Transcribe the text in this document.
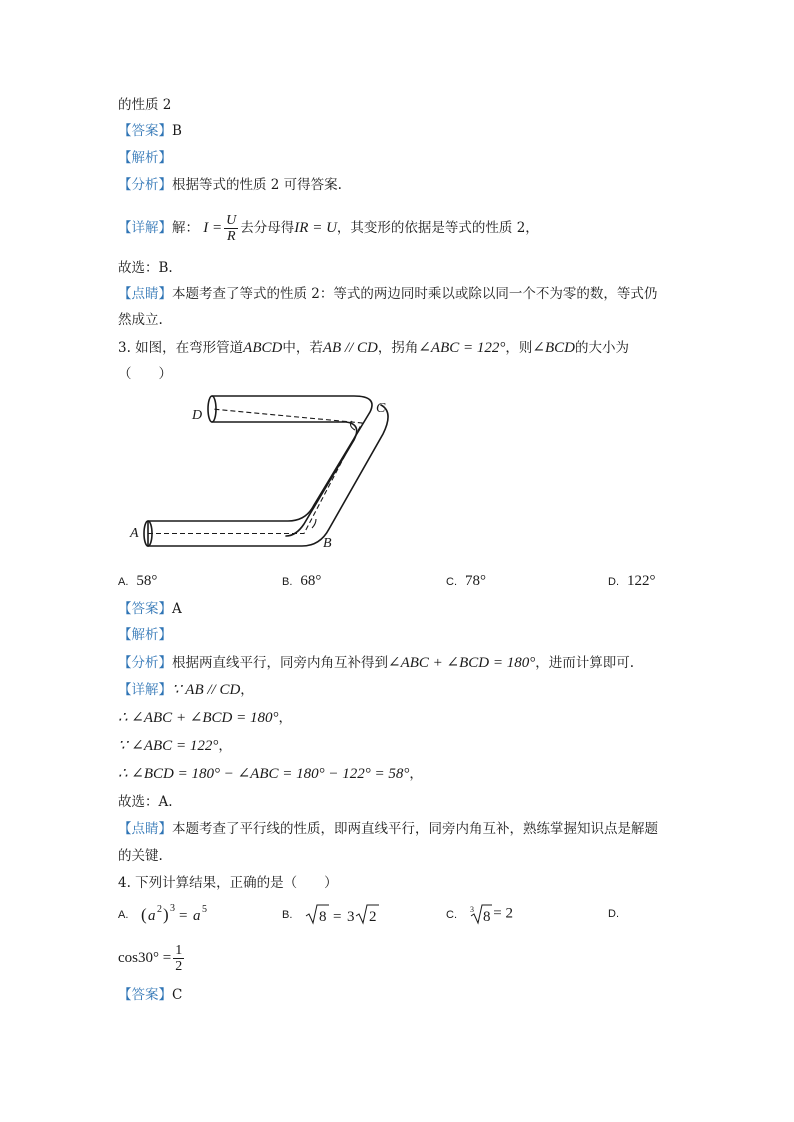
的性质 2
【答案】B
【解析】
【分析】根据等式的性质 2 可得答案.
【详解】解： $I = \frac{U}{R}$ 去分母得IR = U，其变形的依据是等式的性质 2，
故选：B.
【点睛】本题考查了等式的性质 2：等式的两边同时乘以或除以同一个不为零的数，等式仍
然成立.
3. 如图，在弯形管道ABCD中，若AB // CD，拐角∠ABC = 122°，则∠BCD的大小为
（　　）
A
B
C
D
A. 58°	B. 68°	C. 78°	D. 122°
【答案】A
【解析】
【分析】根据两直线平行，同旁内角互补得到∠ABC + ∠BCD = 180°，进而计算即可.
【详解】∵ AB // CD，
∴ ∠ABC + ∠BCD = 180°，
∵ ∠ABC = 122°，
∴ ∠BCD = 180° − ∠ABC = 180° − 122° = 58°，
故选：A.
【点睛】本题考查了平行线的性质，即两直线平行，同旁内角互补，熟练掌握知识点是解题
的关键.
4. 下列计算结果，正确的是（　　）
A. ( a 2 ) 3 = a 5	B. 8 = 3 2	C. 3 8 = 2	D.
$\cos 30^\circ = \frac{1}{2}$
【答案】C
